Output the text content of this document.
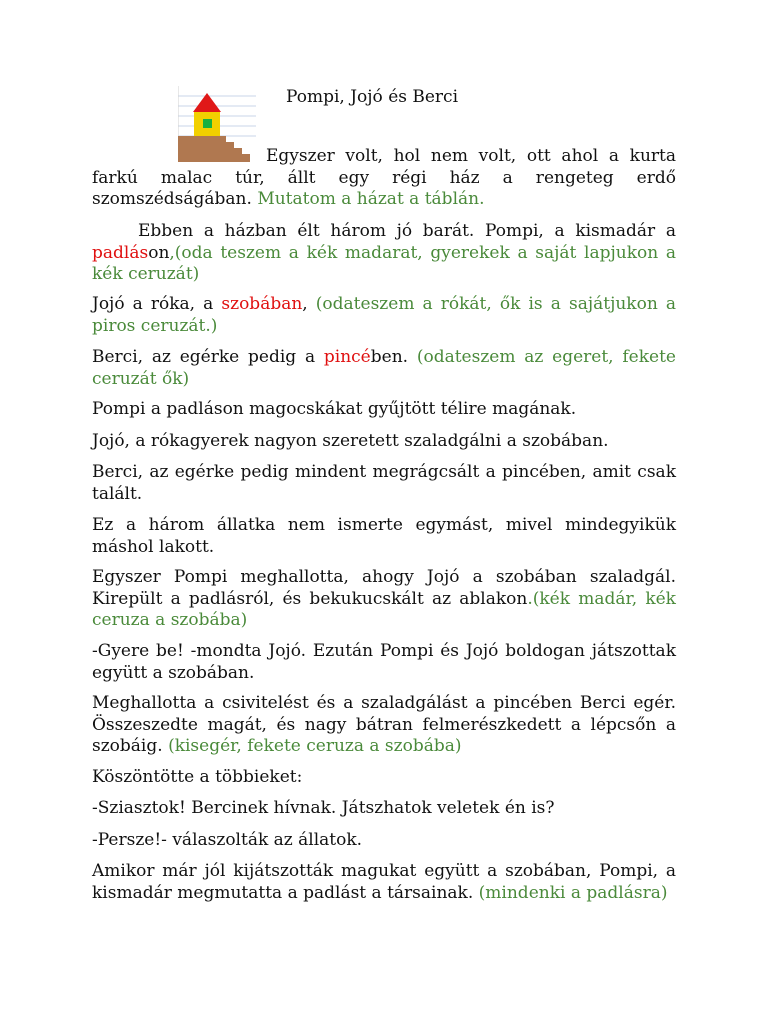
Pompi, Jojó és Berci
Egyszer volt, hol nem volt, ott ahol a kurta farkú malac túr, állt egy régi ház a rengeteg erdő szomszédságában. Mutatom a házat a táblán.
Ebben a házban élt három jó barát. Pompi, a kismadár a padláson,(oda teszem a kék madarat, gyerekek a saját lapjukon a kék ceruzát)
Jojó a róka, a szobában, (odateszem a rókát, ők is a sajátjukon a piros ceruzát.)
Berci, az egérke pedig a pincében. (odateszem az egeret, fekete ceruzát ők)
Pompi a padláson magocskákat gyűjtött télire magának.
Jojó, a rókagyerek nagyon szeretett szaladgálni a szobában.
Berci, az egérke pedig mindent megrágcsált a pincében, amit csak talált.
Ez a három állatka nem ismerte egymást, mivel mindegyikük máshol lakott.
Egyszer Pompi meghallotta, ahogy Jojó a szobában szaladgál. Kirepült a padlásról, és bekukucskált az ablakon.(kék madár, kék ceruza a szobába)
-Gyere be! -mondta Jojó. Ezután Pompi és Jojó boldogan játszottak együtt a szobában.
Meghallotta a csivitelést és a szaladgálást a pincében Berci egér. Összeszedte magát, és nagy bátran felmerészkedett a lépcsőn a szobáig. (kisegér, fekete ceruza a szobába)
Köszöntötte a többieket:
-Sziasztok! Bercinek hívnak. Játszhatok veletek én is?
-Persze!- válaszolták az állatok.
Amikor már jól kijátszották magukat együtt a szobában, Pompi, a kismadár megmutatta a padlást a társainak. (mindenki a padlásra)
